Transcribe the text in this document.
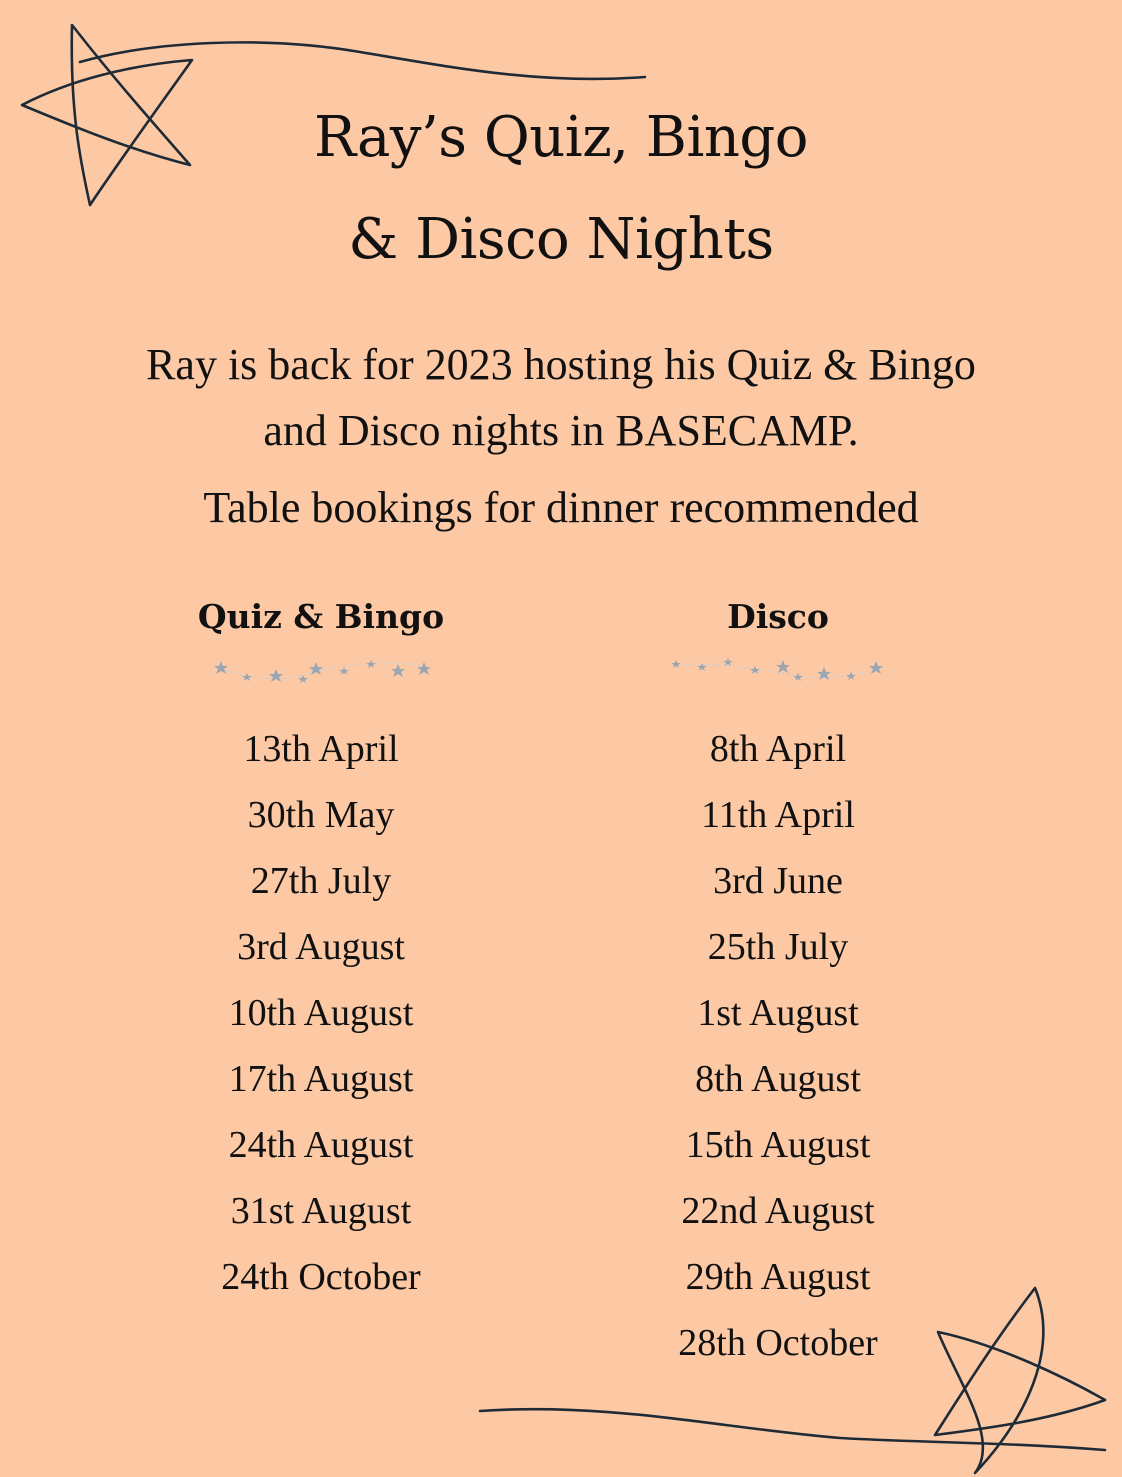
Ray’s Quiz, Bingo
& Disco Nights

Ray is back for 2023 hosting his Quiz & Bingo

and Disco nights in BASECAMP.

Table bookings for dinner recommended

Quiz & Bingo
13th April
30th May
27th July
3rd August
10th August
17th August
24th August
31st August
24th October
Disco
8th April
11th April
3rd June
25th July
1st August
8th August
15th August
22nd August
29th August
28th October
